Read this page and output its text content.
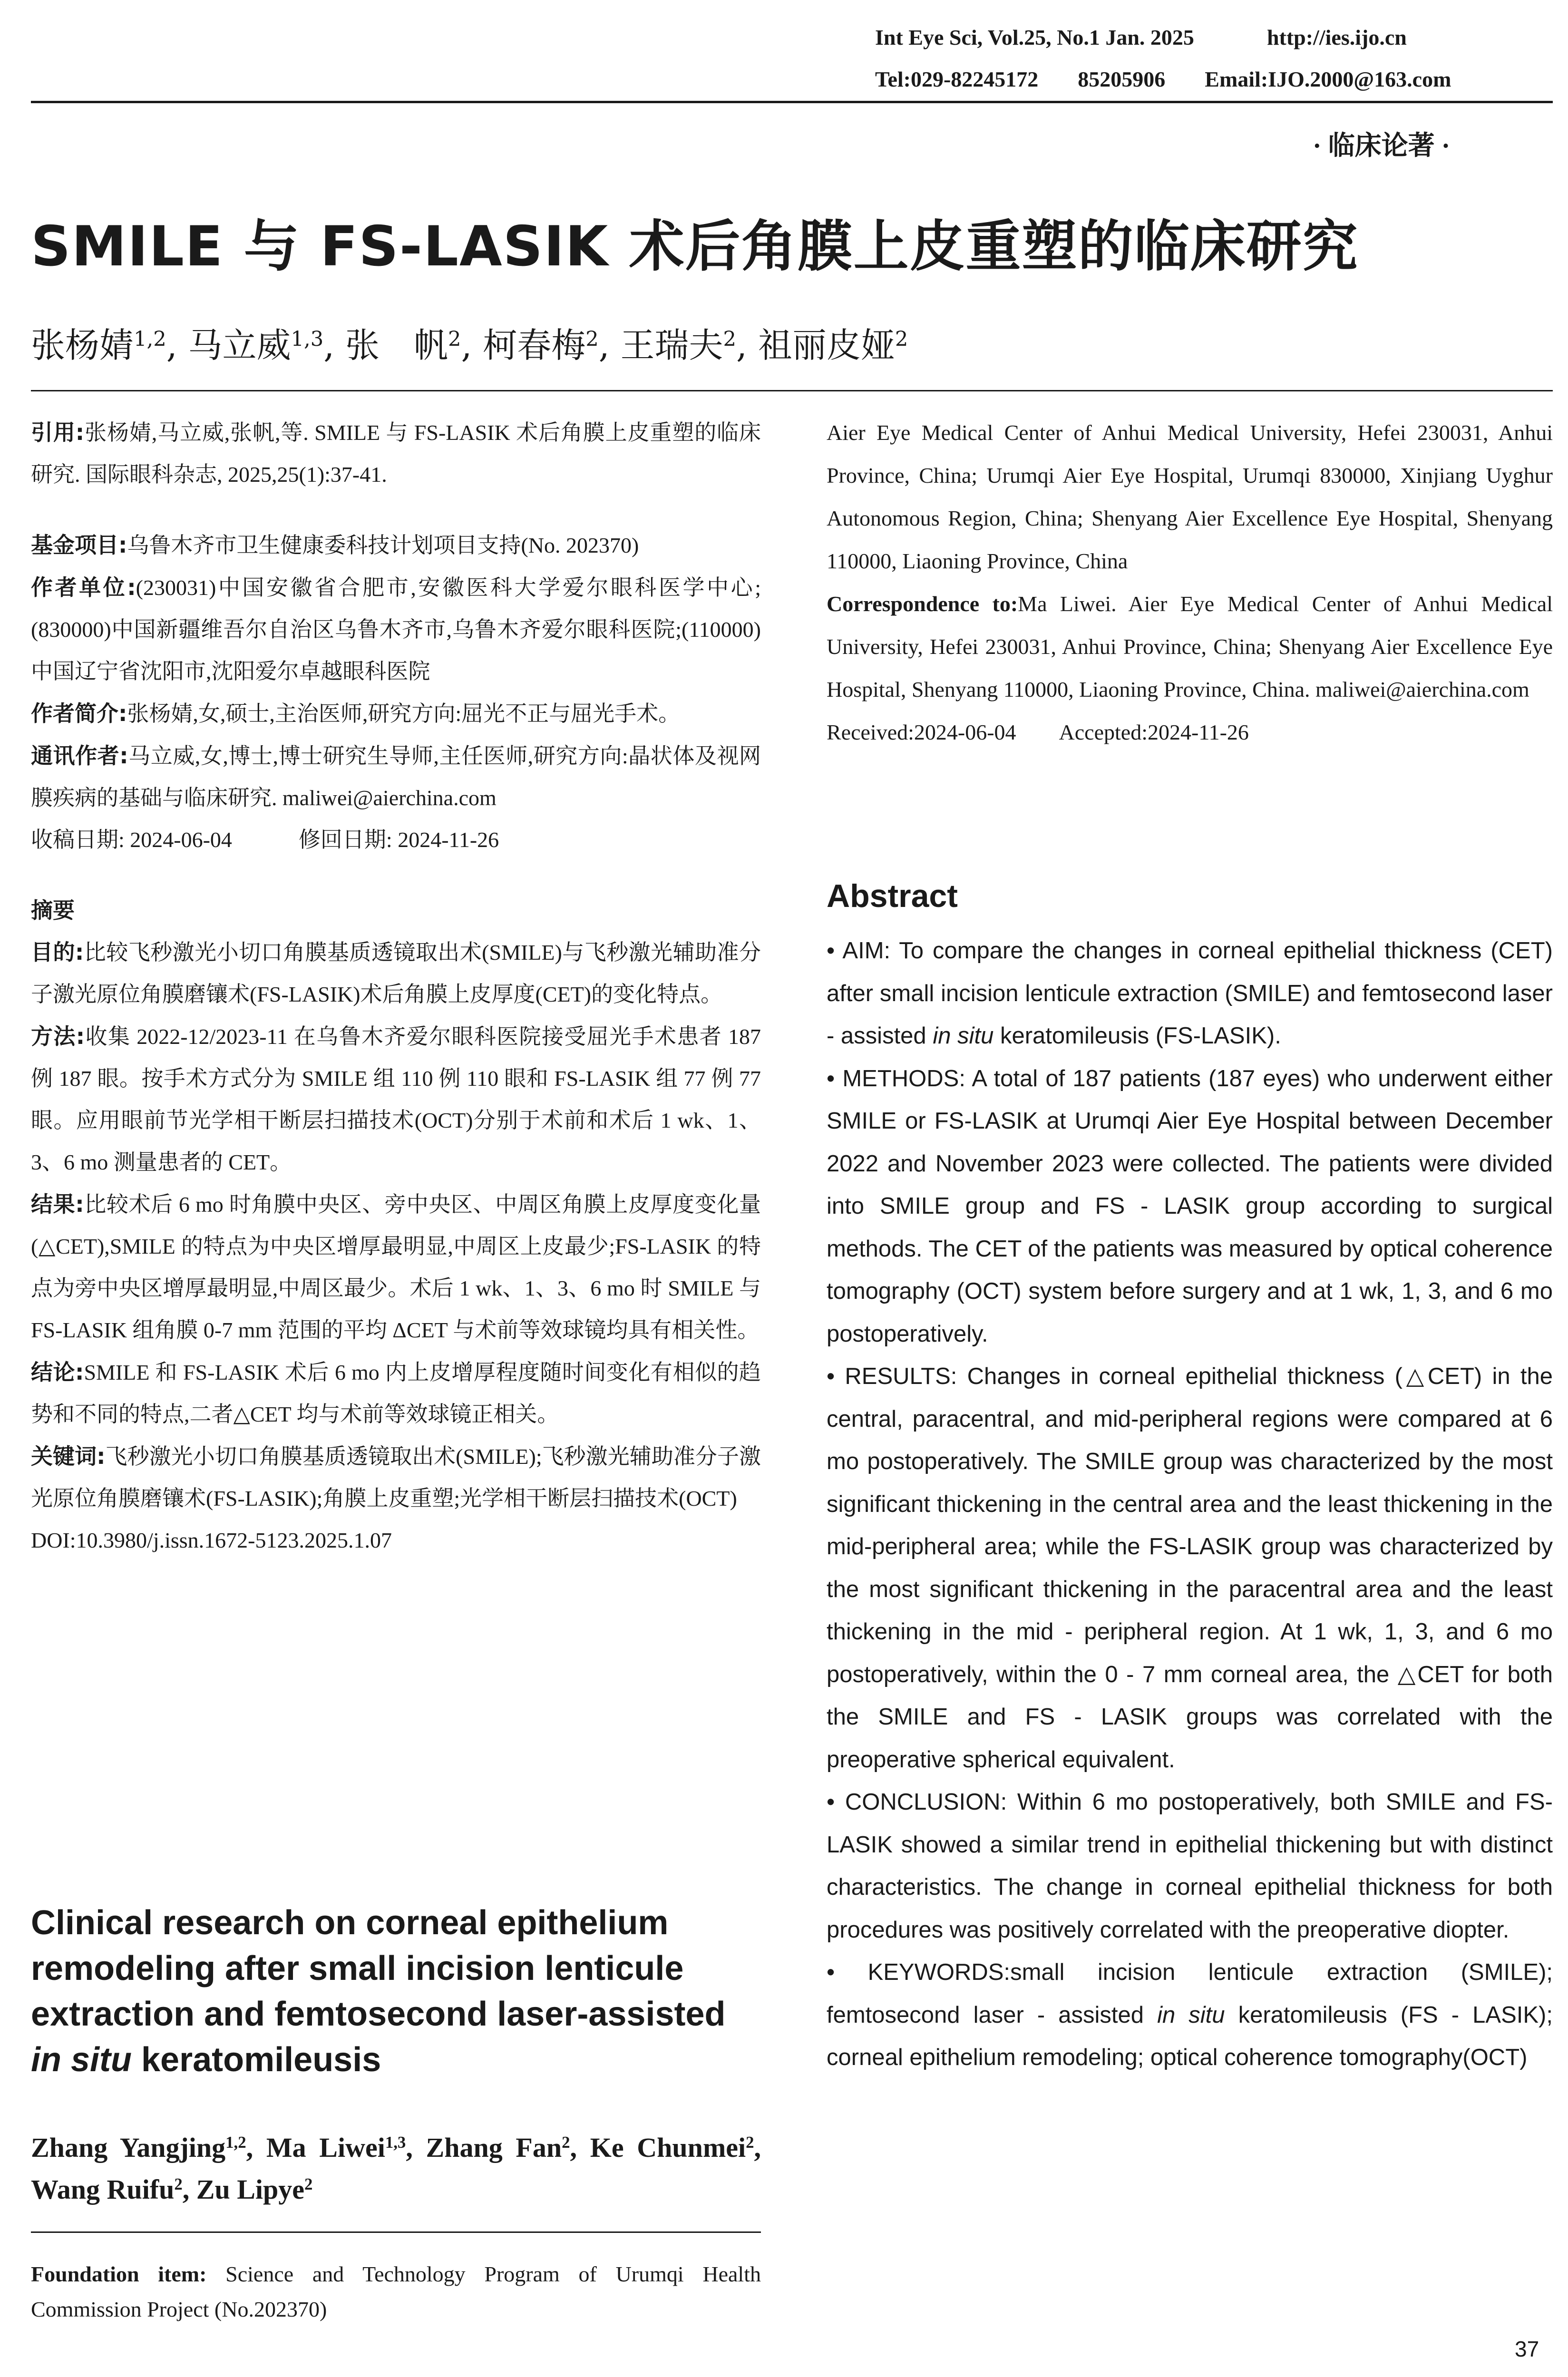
Int Eye Sci, Vol.25, No.1 Jan. 2025	http://ies.ijo.cn
Tel:029-82245172 85205906 Email:IJO.2000@163.com
· 临床论著 ·
SMILE 与 FS-LASIK 术后角膜上皮重塑的临床研究
张杨婧$^{1,2}$, 马立威$^{1,3}$, 张　帆$^2$, 柯春梅$^2$, 王瑞夫$^2$, 祖丽皮娅$^2$

引用:张杨婧,马立威,张帆,等. SMILE 与 FS-LASIK 术后角膜上皮重塑的临床研究. 国际眼科杂志, 2025,25(1):37-41.

基金项目:乌鲁木齐市卫生健康委科技计划项目支持(No. 202370)

作者单位:(230031)中国安徽省合肥市,安徽医科大学爱尔眼科医学中心;(830000)中国新疆维吾尔自治区乌鲁木齐市,乌鲁木齐爱尔眼科医院;(110000)中国辽宁省沈阳市,沈阳爱尔卓越眼科医院

作者简介:张杨婧,女,硕士,主治医师,研究方向:屈光不正与屈光手术。

通讯作者:马立威,女,博士,博士研究生导师,主任医师,研究方向:晶状体及视网膜疾病的基础与临床研究. maliwei@aierchina.com

收稿日期: 2024-06-04	修回日期: 2024-11-26

摘要

目的:比较飞秒激光小切口角膜基质透镜取出术(SMILE)与飞秒激光辅助准分子激光原位角膜磨镶术(FS-LASIK)术后角膜上皮厚度(CET)的变化特点。

方法:收集 2022-12/2023-11 在乌鲁木齐爱尔眼科医院接受屈光手术患者 187 例 187 眼。按手术方式分为 SMILE 组 110 例 110 眼和 FS-LASIK 组 77 例 77 眼。应用眼前节光学相干断层扫描技术(OCT)分别于术前和术后 1 wk、1、3、6 mo 测量患者的 CET。

结果:比较术后 6 mo 时角膜中央区、旁中央区、中周区角膜上皮厚度变化量(△CET),SMILE 的特点为中央区增厚最明显,中周区上皮最少;FS-LASIK 的特点为旁中央区增厚最明显,中周区最少。术后 1 wk、1、3、6 mo 时 SMILE 与 FS-LASIK 组角膜 0-7 mm 范围的平均 ΔCET 与术前等效球镜均具有相关性。

结论:SMILE 和 FS-LASIK 术后 6 mo 内上皮增厚程度随时间变化有相似的趋势和不同的特点,二者△CET 均与术前等效球镜正相关。

关键词:飞秒激光小切口角膜基质透镜取出术(SMILE);飞秒激光辅助准分子激光原位角膜磨镶术(FS-LASIK);角膜上皮重塑;光学相干断层扫描技术(OCT)

DOI:10.3980/j.issn.1672-5123.2025.1.07

Clinical research on corneal epithelium remodeling after small incision lenticule extraction and femtosecond laser-assisted in situ keratomileusis
Zhang Yangjing$^{1,2}$, Ma Liwei$^{1,3}$, Zhang Fan$^2$, Ke Chunmei$^2$, Wang Ruifu$^2$, Zu Lipye$^2$
Foundation item: Science and Technology Program of Urumqi Health Commission Project (No.202370)

Aier Eye Medical Center of Anhui Medical University, Hefei 230031, Anhui Province, China; Urumqi Aier Eye Hospital, Urumqi 830000, Xinjiang Uyghur Autonomous Region, China; Shenyang Aier Excellence Eye Hospital, Shenyang 110000, Liaoning Province, China

Correspondence to:Ma Liwei. Aier Eye Medical Center of Anhui Medical University, Hefei 230031, Anhui Province, China; Shenyang Aier Excellence Eye Hospital, Shenyang 110000, Liaoning Province, China. maliwei@aierchina.com

Received:2024-06-04 Accepted:2024-11-26

Abstract

• AIM: To compare the changes in corneal epithelial thickness (CET) after small incision lenticule extraction (SMILE) and femtosecond laser - assisted in situ keratomileusis (FS-LASIK).

• METHODS: A total of 187 patients (187 eyes) who underwent either SMILE or FS-LASIK at Urumqi Aier Eye Hospital between December 2022 and November 2023 were collected. The patients were divided into SMILE group and FS - LASIK group according to surgical methods. The CET of the patients was measured by optical coherence tomography (OCT) system before surgery and at 1 wk, 1, 3, and 6 mo postoperatively.

• RESULTS: Changes in corneal epithelial thickness (△CET) in the central, paracentral, and mid-peripheral regions were compared at 6 mo postoperatively. The SMILE group was characterized by the most significant thickening in the central area and the least thickening in the mid-peripheral area; while the FS-LASIK group was characterized by the most significant thickening in the paracentral area and the least thickening in the mid - peripheral region. At 1 wk, 1, 3, and 6 mo postoperatively, within the 0 - 7 mm corneal area, the △CET for both the SMILE and FS - LASIK groups was correlated with the preoperative spherical equivalent.

• CONCLUSION: Within 6 mo postoperatively, both SMILE and FS-LASIK showed a similar trend in epithelial thickening but with distinct characteristics. The change in corneal epithelial thickness for both procedures was positively correlated with the preoperative diopter.

• KEYWORDS:small incision lenticule extraction (SMILE); femtosecond laser - assisted in situ keratomileusis (FS - LASIK); corneal epithelium remodeling; optical coherence tomography(OCT)

37
